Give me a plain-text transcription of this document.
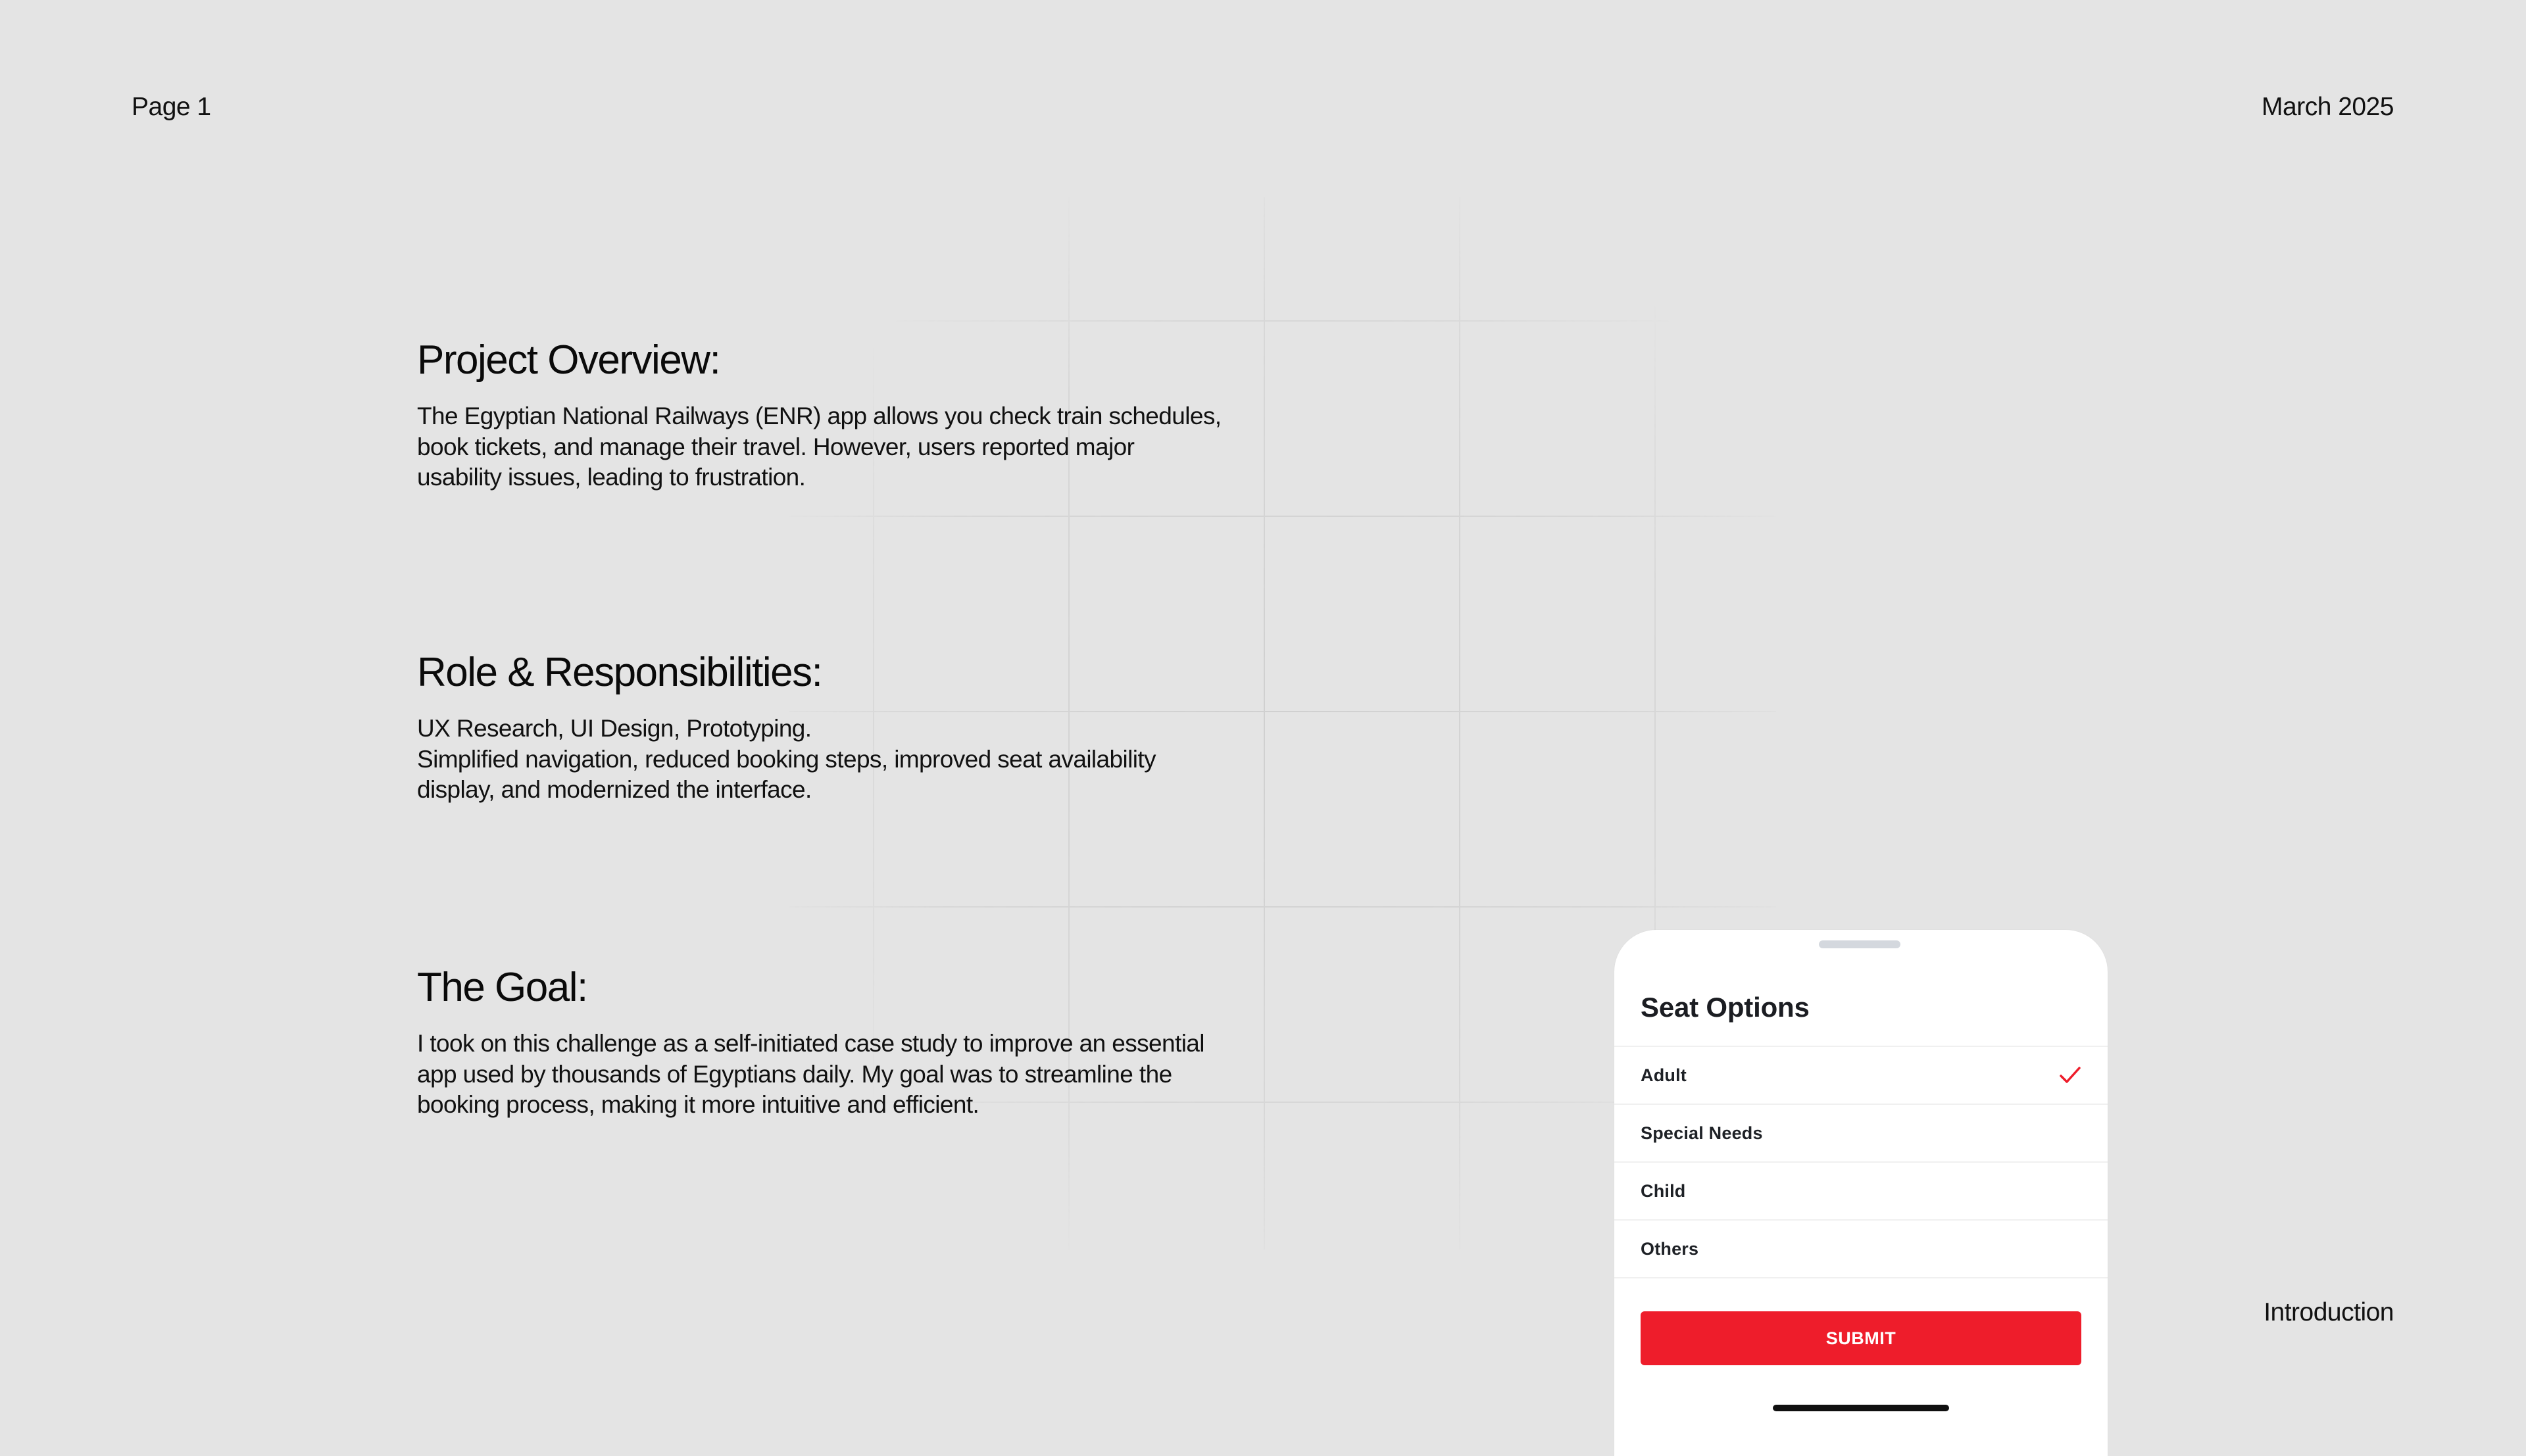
Page 1	March 2025
Project Overview:

The Egyptian National Railways (ENR) app allows you check train schedules,
book tickets, and manage their travel. However, users reported major
usability issues, leading to frustration.

Role & Responsibilities:

UX Research, UI Design, Prototyping.
Simplified navigation, reduced booking steps, improved seat availability
display, and modernized the interface.

The Goal:

I took on this challenge as a self-initiated case study to improve an essential
app used by thousands of Egyptians daily. My goal was to streamline the
booking process, making it more intuitive and efficient.

Seat Options
Adult
Special Needs
Child
Others
SUBMIT
Introduction
